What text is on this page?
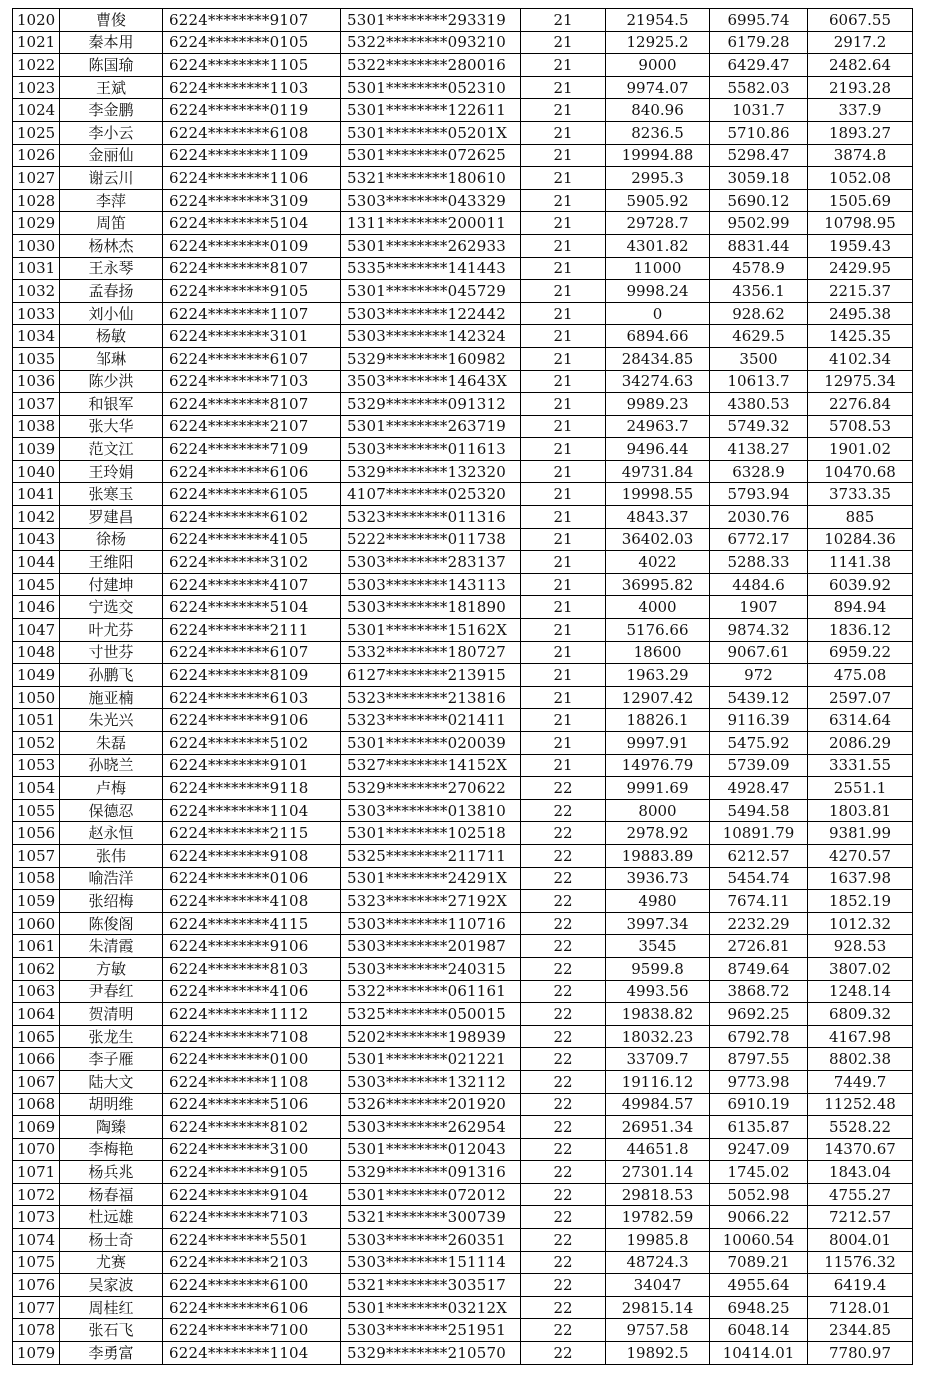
1020	曹俊	6224********9107	5301********293319	21	21954.5	6995.74	6067.55
1021	秦本用	6224********0105	5322********093210	21	12925.2	6179.28	2917.2
1022	陈国瑜	6224********1105	5322********280016	21	9000	6429.47	2482.64
1023	王斌	6224********1103	5301********052310	21	9974.07	5582.03	2193.28
1024	李金鹏	6224********0119	5301********122611	21	840.96	1031.7	337.9
1025	李小云	6224********6108	5301********05201X	21	8236.5	5710.86	1893.27
1026	金丽仙	6224********1109	5301********072625	21	19994.88	5298.47	3874.8
1027	谢云川	6224********1106	5321********180610	21	2995.3	3059.18	1052.08
1028	李萍	6224********3109	5303********043329	21	5905.92	5690.12	1505.69
1029	周笛	6224********5104	1311********200011	21	29728.7	9502.99	10798.95
1030	杨林杰	6224********0109	5301********262933	21	4301.82	8831.44	1959.43
1031	王永琴	6224********8107	5335********141443	21	11000	4578.9	2429.95
1032	孟春扬	6224********9105	5301********045729	21	9998.24	4356.1	2215.37
1033	刘小仙	6224********1107	5303********122442	21	0	928.62	2495.38
1034	杨敏	6224********3101	5303********142324	21	6894.66	4629.5	1425.35
1035	邹琳	6224********6107	5329********160982	21	28434.85	3500	4102.34
1036	陈少洪	6224********7103	3503********14643X	21	34274.63	10613.7	12975.34
1037	和银军	6224********8107	5329********091312	21	9989.23	4380.53	2276.84
1038	张大华	6224********2107	5301********263719	21	24963.7	5749.32	5708.53
1039	范文江	6224********7109	5303********011613	21	9496.44	4138.27	1901.02
1040	王玲娟	6224********6106	5329********132320	21	49731.84	6328.9	10470.68
1041	张寒玉	6224********6105	4107********025320	21	19998.55	5793.94	3733.35
1042	罗建昌	6224********6102	5323********011316	21	4843.37	2030.76	885
1043	徐杨	6224********4105	5222********011738	21	36402.03	6772.17	10284.36
1044	王维阳	6224********3102	5303********283137	21	4022	5288.33	1141.38
1045	付建坤	6224********4107	5303********143113	21	36995.82	4484.6	6039.92
1046	宁选交	6224********5104	5303********181890	21	4000	1907	894.94
1047	叶尤芬	6224********2111	5301********15162X	21	5176.66	9874.32	1836.12
1048	寸世芬	6224********6107	5332********180727	21	18600	9067.61	6959.22
1049	孙鹏飞	6224********8109	6127********213915	21	1963.29	972	475.08
1050	施亚楠	6224********6103	5323********213816	21	12907.42	5439.12	2597.07
1051	朱光兴	6224********9106	5323********021411	21	18826.1	9116.39	6314.64
1052	朱磊	6224********5102	5301********020039	21	9997.91	5475.92	2086.29
1053	孙晓兰	6224********9101	5327********14152X	21	14976.79	5739.09	3331.55
1054	卢梅	6224********9118	5329********270622	22	9991.69	4928.47	2551.1
1055	保德忍	6224********1104	5303********013810	22	8000	5494.58	1803.81
1056	赵永恒	6224********2115	5301********102518	22	2978.92	10891.79	9381.99
1057	张伟	6224********9108	5325********211711	22	19883.89	6212.57	4270.57
1058	喻浩洋	6224********0106	5301********24291X	22	3936.73	5454.74	1637.98
1059	张绍梅	6224********4108	5323********27192X	22	4980	7674.11	1852.19
1060	陈俊阁	6224********4115	5303********110716	22	3997.34	2232.29	1012.32
1061	朱清霞	6224********9106	5303********201987	22	3545	2726.81	928.53
1062	方敏	6224********8103	5303********240315	22	9599.8	8749.64	3807.02
1063	尹春红	6224********4106	5322********061161	22	4993.56	3868.72	1248.14
1064	贺清明	6224********1112	5325********050015	22	19838.82	9692.25	6809.32
1065	张龙生	6224********7108	5202********198939	22	18032.23	6792.78	4167.98
1066	李子雁	6224********0100	5301********021221	22	33709.7	8797.55	8802.38
1067	陆大文	6224********1108	5303********132112	22	19116.12	9773.98	7449.7
1068	胡明维	6224********5106	5326********201920	22	49984.57	6910.19	11252.48
1069	陶臻	6224********8102	5303********262954	22	26951.34	6135.87	5528.22
1070	李梅艳	6224********3100	5301********012043	22	44651.8	9247.09	14370.67
1071	杨兵兆	6224********9105	5329********091316	22	27301.14	1745.02	1843.04
1072	杨春福	6224********9104	5301********072012	22	29818.53	5052.98	4755.27
1073	杜远雄	6224********7103	5321********300739	22	19782.59	9066.22	7212.57
1074	杨士奇	6224********5501	5303********260351	22	19985.8	10060.54	8004.01
1075	尤赛	6224********2103	5303********151114	22	48724.3	7089.21	11576.32
1076	吴家波	6224********6100	5321********303517	22	34047	4955.64	6419.4
1077	周桂红	6224********6106	5301********03212X	22	29815.14	6948.25	7128.01
1078	张石飞	6224********7100	5303********251951	22	9757.58	6048.14	2344.85
1079	李勇富	6224********1104	5329********210570	22	19892.5	10414.01	7780.97
